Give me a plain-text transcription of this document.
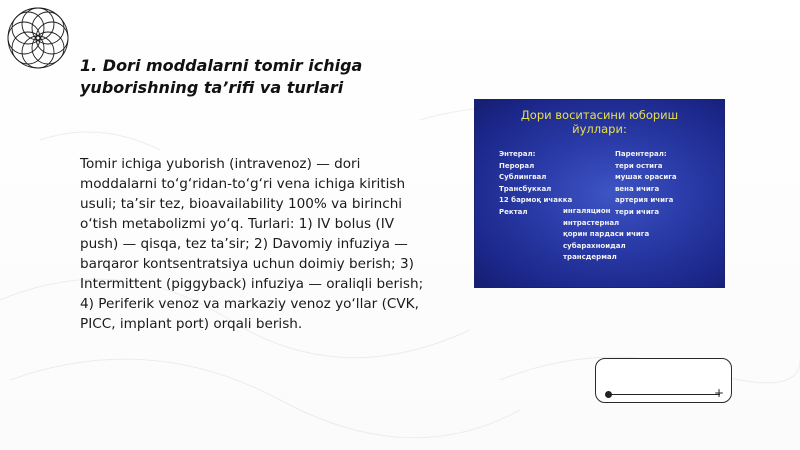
1. Dori moddalarni tomir ichiga yuborishning ta’rifi va turlari

Tomir ichiga yuborish (intravenoz) — dori moddalarni to‘g‘ridan-to‘g‘ri vena ichiga kiritish usuli; ta’sir tez, bioavailability 100% va birinchi o‘tish metabolizmi yo‘q. Turlari: 1) IV bolus (IV push) — qisqa, tez ta’sir; 2) Davomiy infuziya — barqaror kontsentratsiya uchun doimiy berish; 3) Intermittent (piggyback) infuziya — oraliqli berish; 4) Periferik venoz va markaziy venoz yo‘llar (CVK, PICC, implant port) orqali berish.

Дори воситасини юбориш
йуллари:

Энтерал:
Перорал
Сублингвал
Трансбуккал
12 бармоқ ичакка
Ректал
Парентерал:
тери остига
мушак орасига
вена ичига
артерия ичига
тери ичига
ингаляцион
интрастернал
қорин пардаси ичига
субарахноидал
трансдермал
+
